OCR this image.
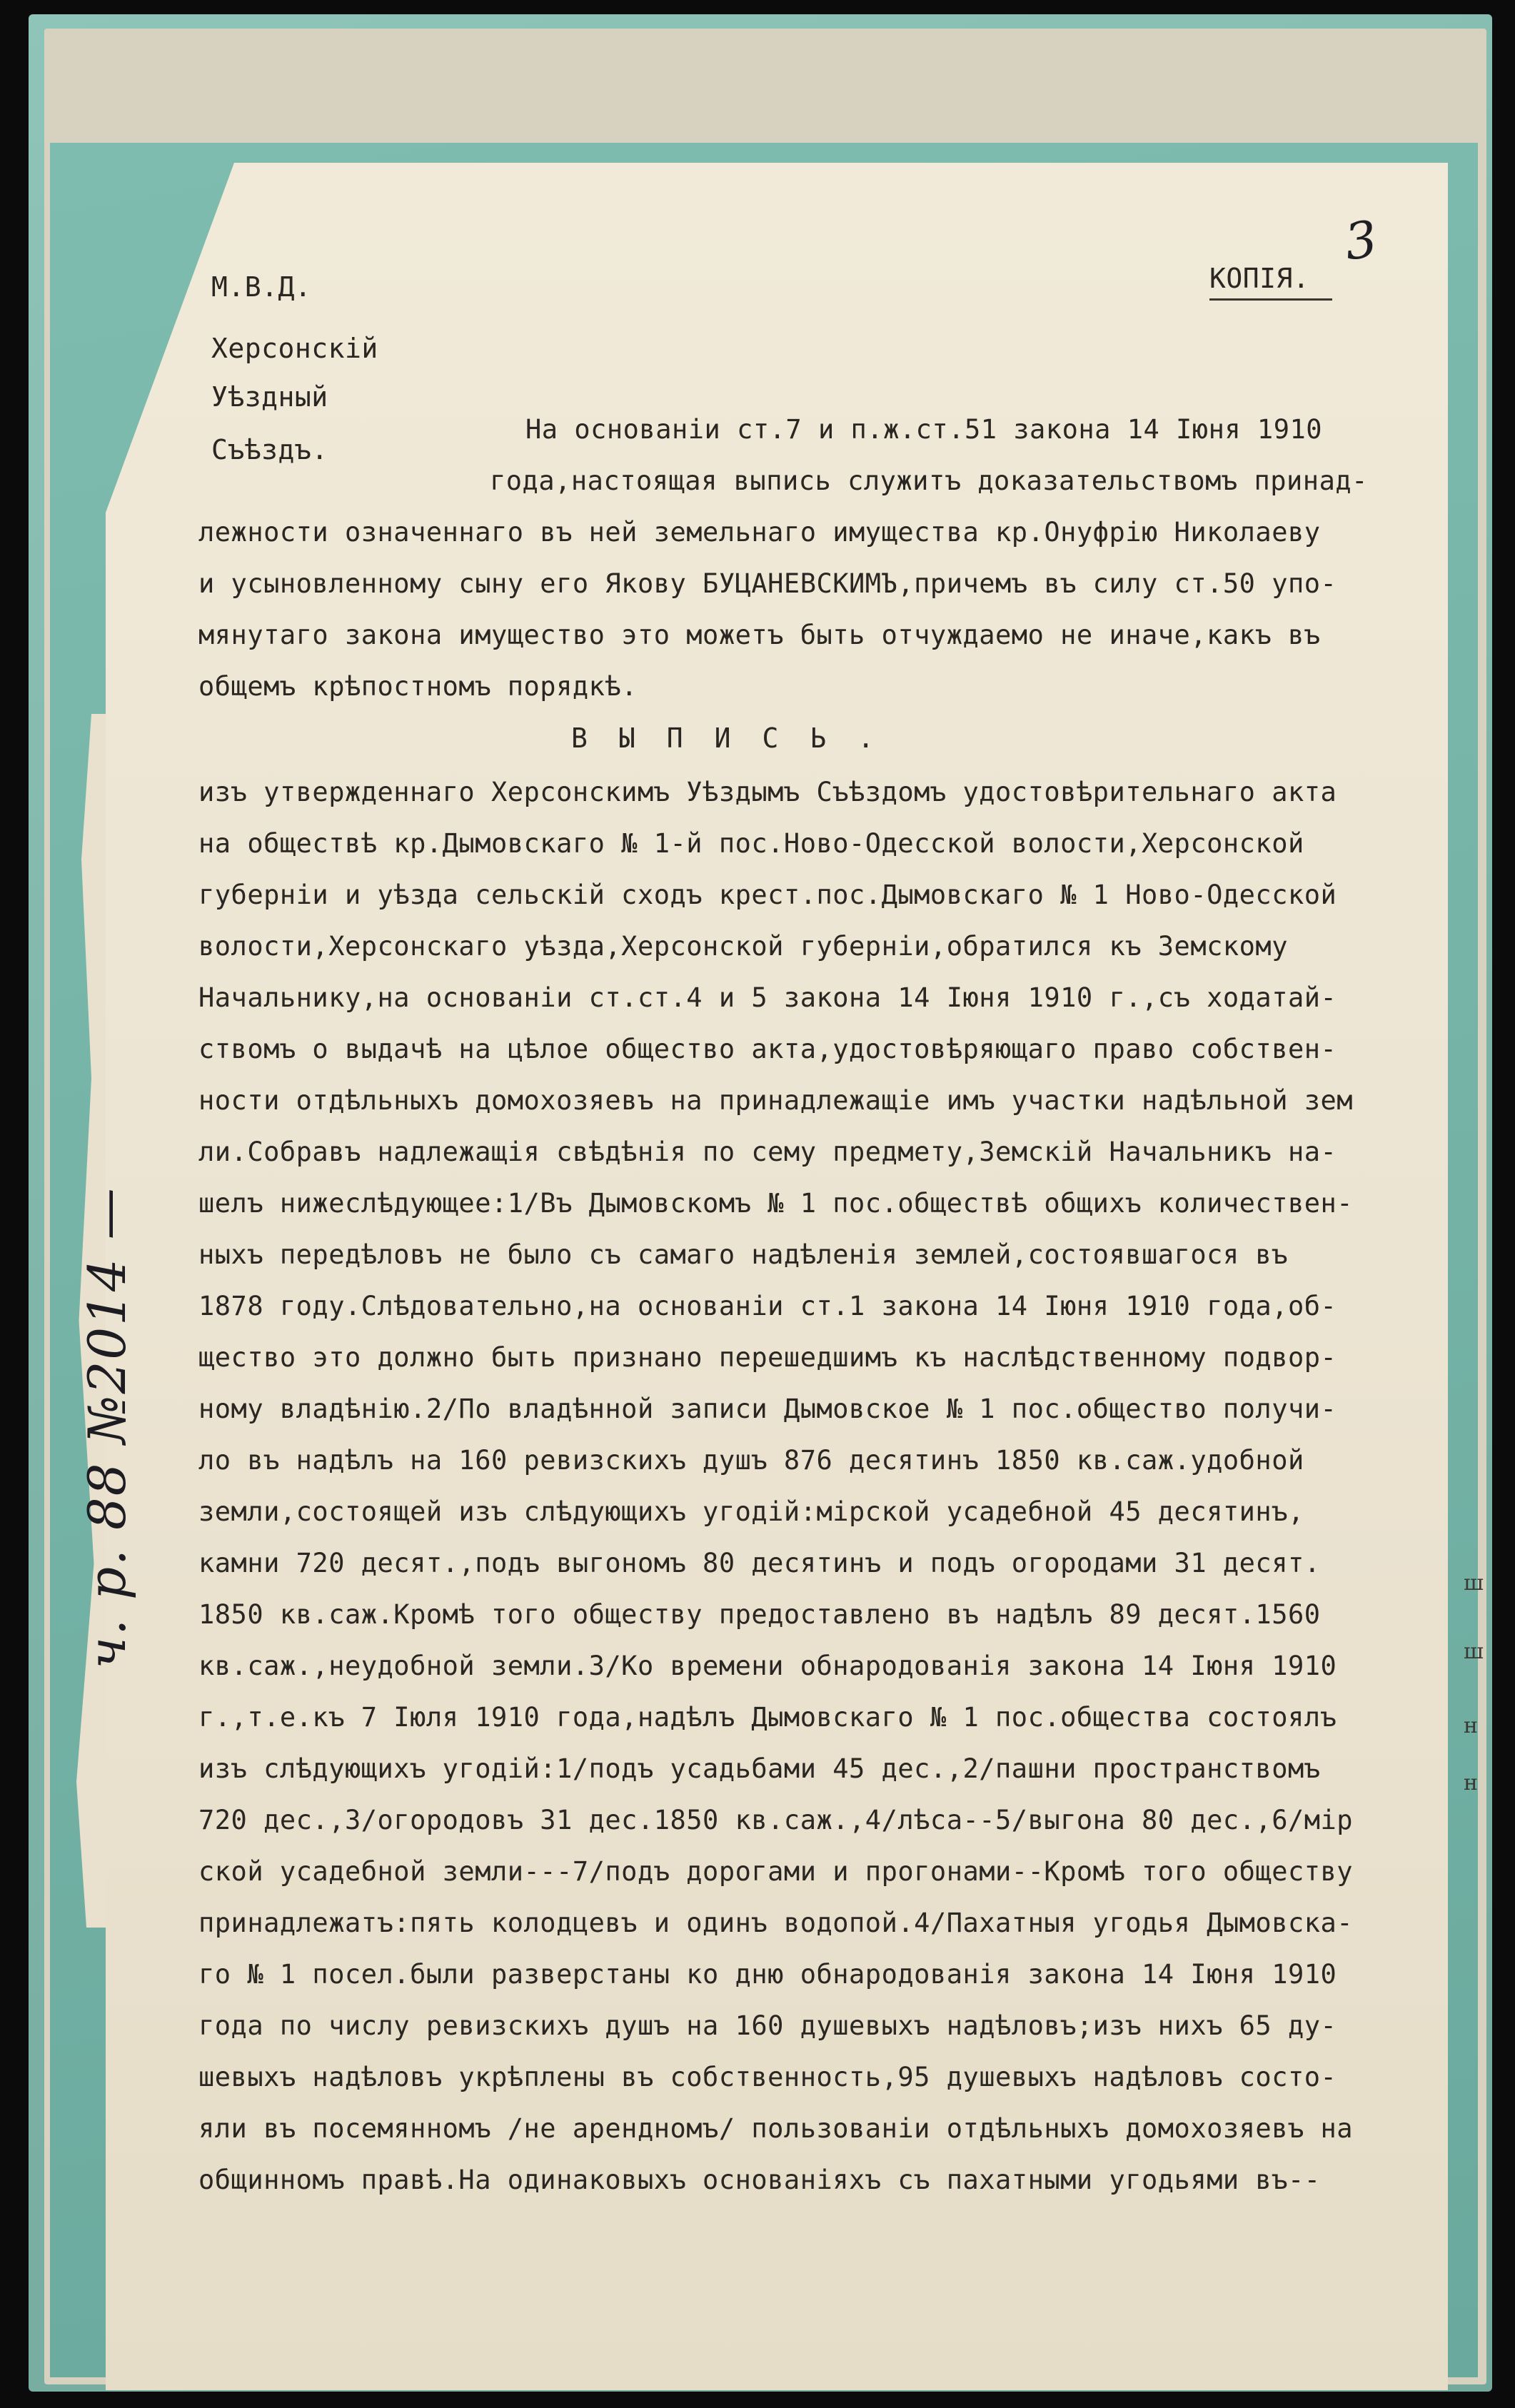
М.В.Д.
Херсонскій
Уѣздный
Съѣздъ.
КОПІЯ.
3
На основаніи ст.7 и п.ж.ст.51 закона 14 Іюня 1910
года,настоящая выпись служитъ доказательствомъ принад-
лежности означеннаго въ ней земельнаго имущества кр.Онуфрію Николаеву
и усыновленному сыну его Якову БУЦАНЕВСКИМЪ,причемъ въ силу ст.50 упо-
мянутаго закона имущество это можетъ быть отчуждаемо не иначе,какъ въ
общемъ крѣпостномъ порядкѣ.
ВЫПИСЬ.
изъ утвержденнаго Херсонскимъ Уѣздымъ Съѣздомъ удостовѣрительнаго акта
на обществѣ кр.Дымовскаго № 1-й пос.Ново-Одесской волости,Херсонской
губерніи и уѣзда сельскій сходъ крест.пос.Дымовскаго № 1 Ново-Одесской
волости,Херсонскаго уѣзда,Херсонской губерніи,обратился къ Земскому
Начальнику,на основаніи ст.ст.4 и 5 закона 14 Іюня 1910 г.,съ ходатай-
ствомъ о выдачѣ на цѣлое общество акта,удостовѣряющаго право собствен-
ности отдѣльныхъ домохозяевъ на принадлежащіе имъ участки надѣльной зем
ли.Собравъ надлежащія свѣдѣнія по сему предмету,Земскій Начальникъ на-
шелъ нижеслѣдующее:1/Въ Дымовскомъ № 1 пос.обществѣ общихъ количествен-
ныхъ передѣловъ не было съ самаго надѣленія землей,состоявшагося въ
1878 году.Слѣдовательно,на основаніи ст.1 закона 14 Іюня 1910 года,об-
щество это должно быть признано перешедшимъ къ наслѣдственному подвор-
ному владѣнію.2/По владѣнной записи Дымовское № 1 пос.общество получи-
ло въ надѣлъ на 160 ревизскихъ душъ 876 десятинъ 1850 кв.саж.удобной
земли,состоящей изъ слѣдующихъ угодій:мірской усадебной 45 десятинъ,
камни 720 десят.,подъ выгономъ 80 десятинъ и подъ огородами 31 десят.
1850 кв.саж.Кромѣ того обществу предоставлено въ надѣлъ 89 десят.1560
кв.саж.,неудобной земли.3/Ко времени обнародованія закона 14 Іюня 1910
г.,т.е.къ 7 Іюля 1910 года,надѣлъ Дымовскаго № 1 пос.общества состоялъ
изъ слѣдующихъ угодій:1/подъ усадьбами 45 дес.,2/пашни пространствомъ
720 дес.,3/огородовъ 31 дес.1850 кв.саж.,4/лѣса--5/выгона 80 дес.,6/мір
ской усадебной земли---7/подъ дорогами и прогонами--Кромѣ того обществу
принадлежатъ:пять колодцевъ и одинъ водопой.4/Пахатныя угодья Дымовска-
го № 1 посел.были разверстаны ко дню обнародованія закона 14 Іюня 1910
года по числу ревизскихъ душъ на 160 душевыхъ надѣловъ;изъ нихъ 65 ду-
шевыхъ надѣловъ укрѣплены въ собственность,95 душевыхъ надѣловъ состо-
яли въ посемянномъ /не арендномъ/ пользованіи отдѣльныхъ домохозяевъ на
общинномъ правѣ.На одинаковыхъ основаніяхъ съ пахатными угодьями въ--
ч. р. 88 №2014 —	ш
ш
н
н
